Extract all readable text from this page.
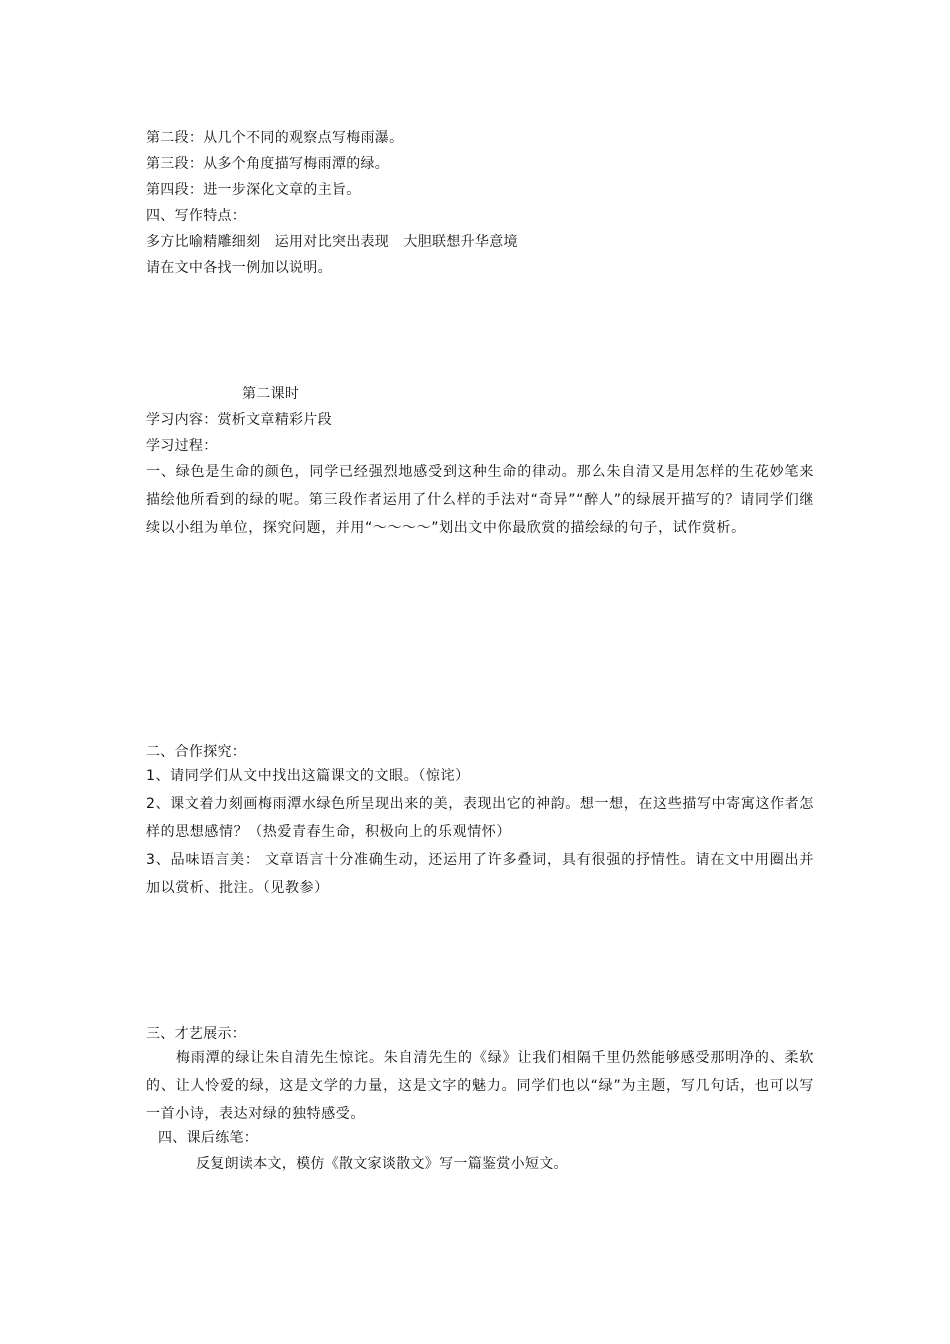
第二段：从几个不同的观察点写梅雨瀑。
第三段：从多个角度描写梅雨潭的绿。
第四段：进一步深化文章的主旨。
四、写作特点：
多方比喻精雕细刻　运用对比突出表现　大胆联想升华意境
请在文中各找一例加以说明。
第二课时
学习内容：赏析文章精彩片段
学习过程：
一、绿色是生命的颜色，同学已经强烈地感受到这种生命的律动。那么朱自清又是用怎样的生花妙笔来描绘他所看到的绿的呢。第三段作者运用了什么样的手法对“奇异”“醉人”的绿展开描写的？请同学们继续以小组为单位，探究问题，并用“～～～～”划出文中你最欣赏的描绘绿的句子，试作赏析。
二、合作探究：
1、请同学们从文中找出这篇课文的文眼。（惊诧）
2、课文着力刻画梅雨潭水绿色所呈现出来的美，表现出它的神韵。想一想，在这些描写中寄寓这作者怎样的思想感情？（热爱青春生命，积极向上的乐观情怀）
3、品味语言美： 文章语言十分准确生动，还运用了许多叠词，具有很强的抒情性。请在文中用圈出并加以赏析、批注。（见教参）
三、才艺展示：
梅雨潭的绿让朱自清先生惊诧。朱自清先生的《绿》让我们相隔千里仍然能够感受那明净的、柔软的、让人怜爱的绿，这是文学的力量，这是文字的魅力。同学们也以“绿”为主题，写几句话，也可以写一首小诗，表达对绿的独特感受。
四、课后练笔：
反复朗读本文，模仿《散文家谈散文》写一篇鉴赏小短文。
